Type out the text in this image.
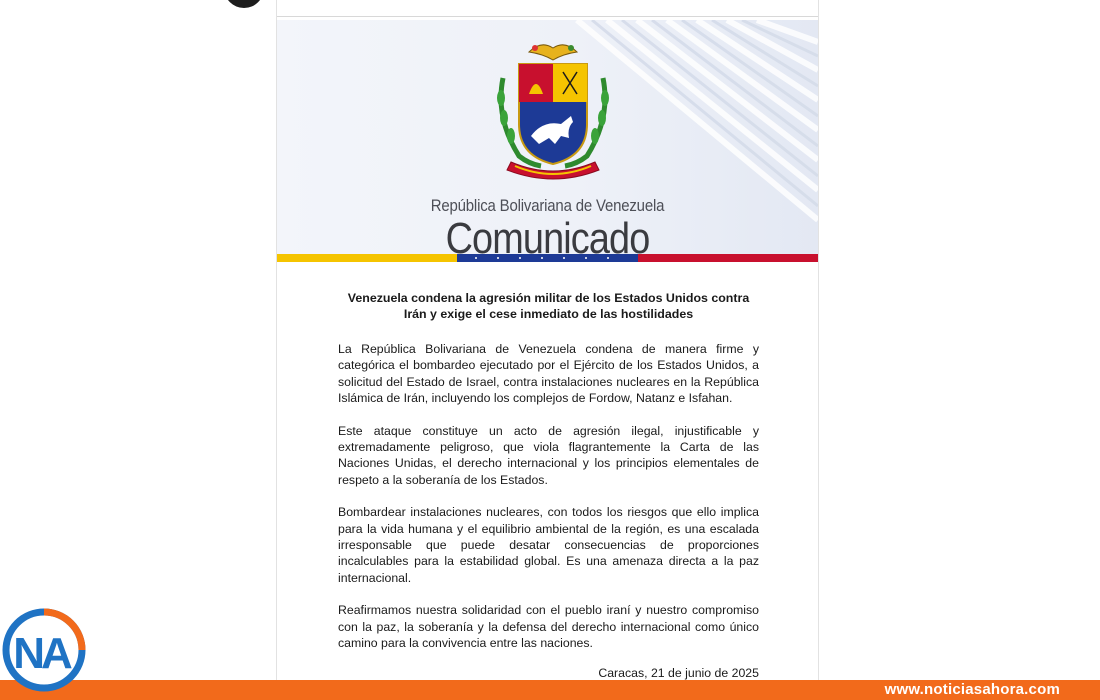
República Bolivariana de Venezuela
Comunicado
Venezuela condena la agresión militar de los Estados Unidos contra
Irán y exige el cese inmediato de las hostilidades

La República Bolivariana de Venezuela condena de manera firme y categórica el bombardeo ejecutado por el Ejército de los Estados Unidos, a solicitud del Estado de Israel, contra instalaciones nucleares en la República Islámica de Irán, incluyendo los complejos de Fordow, Natanz e Isfahan.

Este ataque constituye un acto de agresión ilegal, injustificable y extremadamente peligroso, que viola flagrantemente la Carta de las Naciones Unidas, el derecho internacional y los principios elementales de respeto a la soberanía de los Estados.

Bombardear instalaciones nucleares, con todos los riesgos que ello implica para la vida humana y el equilibrio ambiental de la región, es una escalada irresponsable que puede desatar consecuencias de proporciones incalculables para la estabilidad global. Es una amenaza directa a la paz internacional.

Reafirmamos nuestra solidaridad con el pueblo iraní y nuestro compromiso con la paz, la soberanía y la defensa del derecho internacional como único camino para la convivencia entre las naciones.

Caracas, 21 de junio de 2025
www.noticiasahora.com
NA
